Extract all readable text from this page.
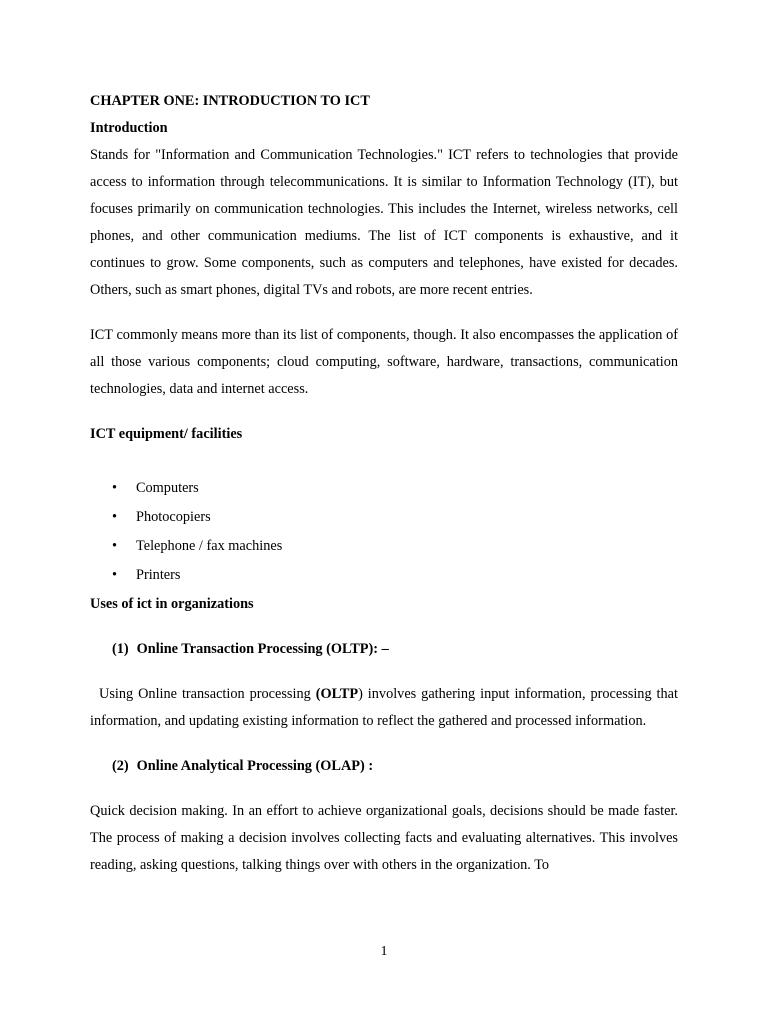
CHAPTER ONE: INTRODUCTION TO ICT

Introduction

Stands for "Information and Communication Technologies." ICT refers to technologies that provide access to information through telecommunications. It is similar to Information Technology (IT), but focuses primarily on communication technologies. This includes the Internet, wireless networks, cell phones, and other communication mediums. The list of ICT components is exhaustive, and it continues to grow. Some components, such as computers and telephones, have existed for decades. Others, such as smart phones, digital TVs and robots, are more recent entries.

ICT commonly means more than its list of components, though. It also encompasses the application of all those various components; cloud computing, software, hardware, transactions, communication technologies, data and internet access.

ICT equipment/ facilities

• Computers
• Photocopiers
• Telephone / fax machines
• Printers

Uses of ict in organizations

(1) Online Transaction Processing (OLTP): –

Using Online transaction processing (OLTP) involves gathering input information, processing that information, and updating existing information to reflect the gathered and processed information.

(2) Online Analytical Processing (OLAP) :

Quick decision making. In an effort to achieve organizational goals, decisions should be made faster. The process of making a decision involves collecting facts and evaluating alternatives. This involves reading, asking questions, talking things over with others in the organization. To

1
